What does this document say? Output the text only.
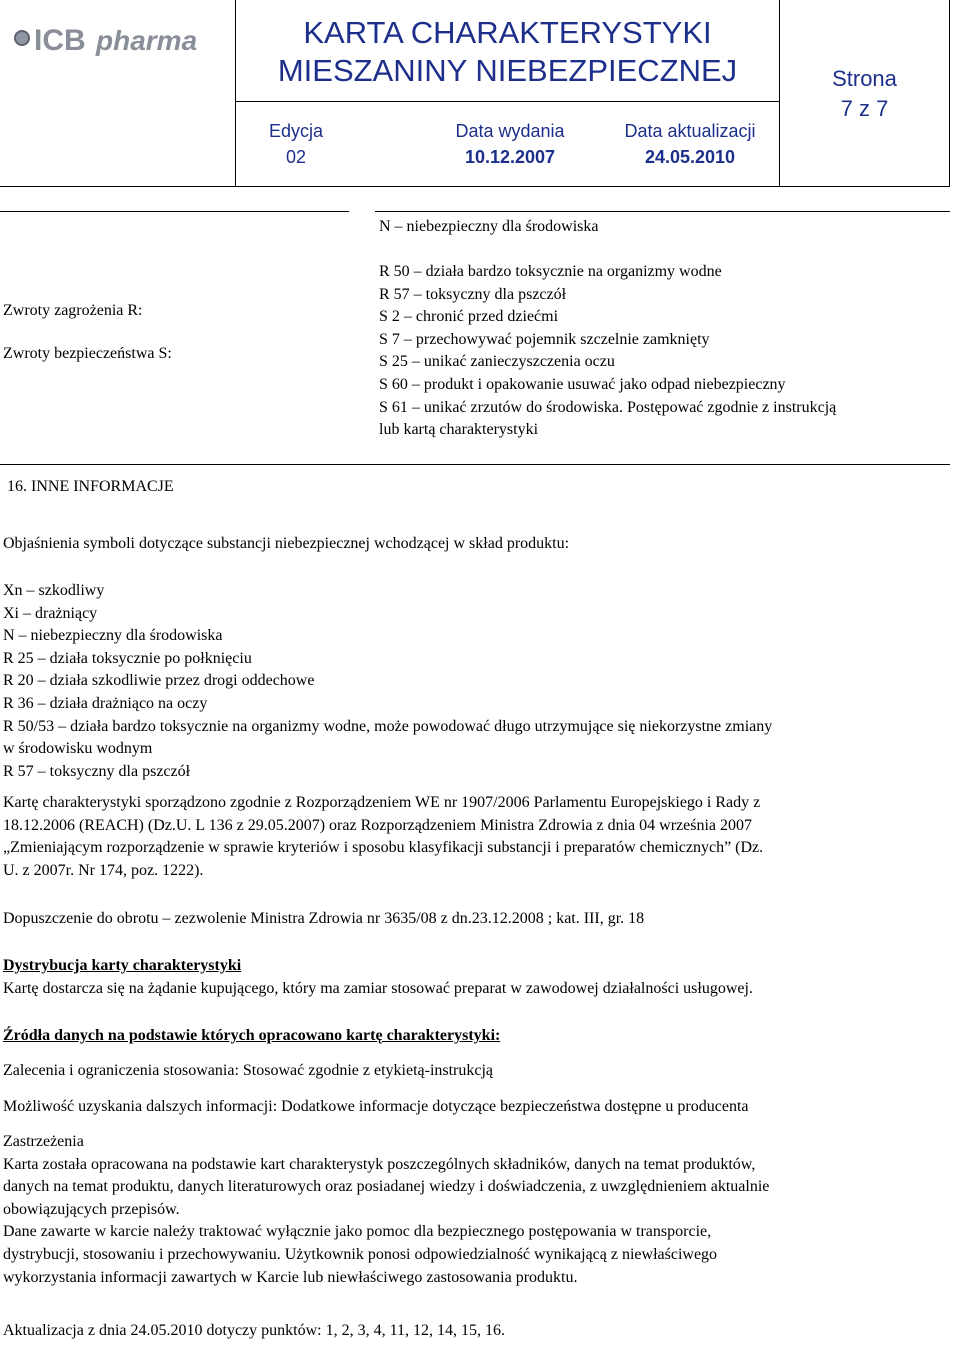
ICB pharma	KARTA CHARAKTERYSTYKI
MIESZANINY NIEBEZPIECZNEJ
Edycja
02
Data wydania
10.12.2007
Data aktualizacji
24.05.2010
Strona
7 z 7
N – niebezpieczny dla środowiska
Zwroty zagrożenia R:
Zwroty bezpieczeństwa S:
R 50 – działa bardzo toksycznie na organizmy wodne
R 57 – toksyczny dla pszczół
S 2 – chronić przed dziećmi
S 7 – przechowywać pojemnik szczelnie zamknięty
S 25 – unikać zanieczyszczenia oczu
S 60 – produkt i opakowanie usuwać jako odpad niebezpieczny
S 61 – unikać zrzutów do środowiska. Postępować zgodnie z instrukcją
lub kartą charakterystyki
16. INNE INFORMACJE
Objaśnienia symboli dotyczące substancji niebezpiecznej wchodzącej w skład produktu:
Xn – szkodliwy
Xi – drażniący
N – niebezpieczny dla środowiska
R 25 – działa toksycznie po połknięciu
R 20 – działa szkodliwie przez drogi oddechowe
R 36 – działa drażniąco na oczy
R 50/53 – działa bardzo toksycznie na organizmy wodne, może powodować długo utrzymujące się niekorzystne zmiany
w środowisku wodnym
R 57 – toksyczny dla pszczół
Kartę charakterystyki sporządzono zgodnie z Rozporządzeniem WE nr 1907/2006 Parlamentu Europejskiego i Rady z
18.12.2006 (REACH) (Dz.U. L 136 z 29.05.2007) oraz Rozporządzeniem Ministra Zdrowia z dnia 04 września 2007
„Zmieniającym rozporządzenie w sprawie kryteriów i sposobu klasyfikacji substancji i preparatów chemicznych” (Dz.
U. z 2007r. Nr 174, poz. 1222).
Dopuszczenie do obrotu – zezwolenie Ministra Zdrowia nr 3635/08 z dn.23.12.2008 ; kat. III, gr. 18
Dystrybucja karty charakterystyki
Kartę dostarcza się na żądanie kupującego, który ma zamiar stosować preparat w zawodowej działalności usługowej.
Źródła danych na podstawie których opracowano kartę charakterystyki:
Zalecenia i ograniczenia stosowania: Stosować zgodnie z etykietą-instrukcją
Możliwość uzyskania dalszych informacji: Dodatkowe informacje dotyczące bezpieczeństwa dostępne u producenta
Zastrzeżenia
Karta została opracowana na podstawie kart charakterystyk poszczególnych składników, danych na temat produktów,
danych na temat produktu, danych literaturowych oraz posiadanej wiedzy i doświadczenia, z uwzględnieniem aktualnie
obowiązujących przepisów.
Dane zawarte w karcie należy traktować wyłącznie jako pomoc dla bezpiecznego postępowania w transporcie,
dystrybucji, stosowaniu i przechowywaniu. Użytkownik ponosi odpowiedzialność wynikającą z niewłaściwego
wykorzystania informacji zawartych w Karcie lub niewłaściwego zastosowania produktu.
Aktualizacja z dnia 24.05.2010 dotyczy punktów: 1, 2, 3, 4, 11, 12, 14, 15, 16.
